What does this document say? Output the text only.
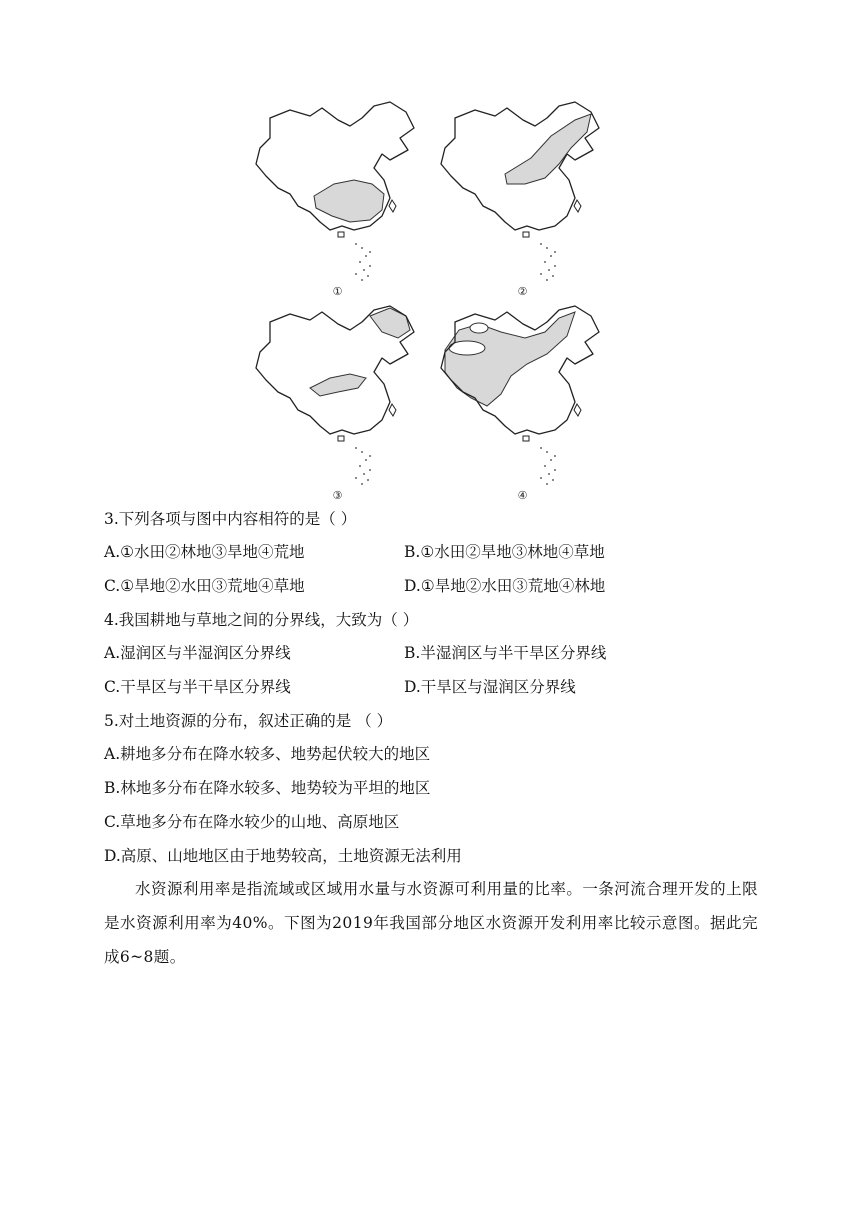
①	②
③	④
3.下列各项与图中内容相符的是（ ）
A.①水田②林地③旱地④荒地	B.①水田②旱地③林地④草地
C.①旱地②水田③荒地④草地	D.①旱地②水田③荒地④林地
4.我国耕地与草地之间的分界线，大致为（ ）
A.湿润区与半湿润区分界线	B.半湿润区与半干旱区分界线
C.干旱区与半干旱区分界线	D.干旱区与湿润区分界线
5.对土地资源的分布，叙述正确的是 （ ）
A.耕地多分布在降水较多、地势起伏较大的地区
B.林地多分布在降水较多、地势较为平坦的地区
C.草地多分布在降水较少的山地、高原地区
D.高原、山地地区由于地势较高，土地资源无法利用
水资源利用率是指流域或区域用水量与水资源可利用量的比率。一条河流合理开发的上限是水资源利用率为40%。下图为2019年我国部分地区水资源开发利用率比较示意图。据此完成6~8题。
